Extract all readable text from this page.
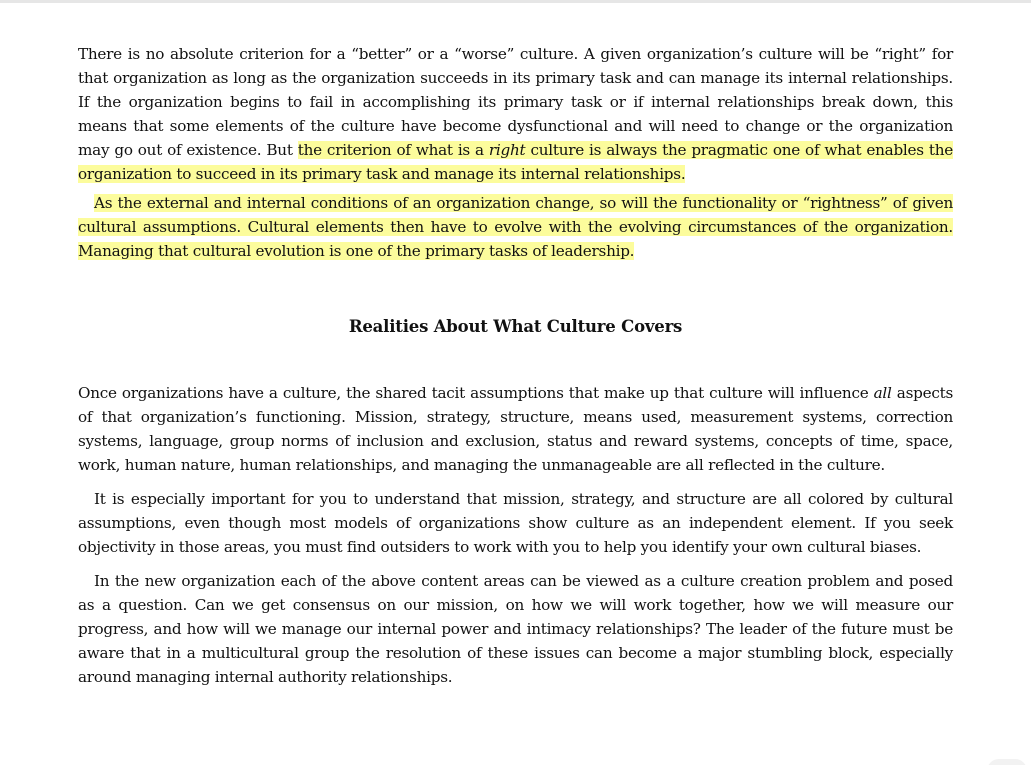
There is no absolute criterion for a “better” or a “worse” culture. A given organization’s culture will be “right” for that organization as long as the organization succeeds in its primary task and can manage its internal relationships. If the organization begins to fail in accomplishing its primary task or if internal relationships break down, this means that some elements of the culture have become dysfunctional and will need to change or the organization may go out of existence. But the criterion of what is a right culture is always the pragmatic one of what enables the organization to succeed in its primary task and manage its internal relationships.

As the external and internal conditions of an organization change, so will the functionality or “rightness” of given cultural assumptions. Cultural elements then have to evolve with the evolving circumstances of the organization. Managing that cultural evolution is one of the primary tasks of leadership.

Realities About What Culture Covers

Once organizations have a culture, the shared tacit assumptions that make up that culture will influence all aspects of that organization’s functioning. Mission, strategy, structure, means used, measurement systems, correction systems, language, group norms of inclusion and exclusion, status and reward systems, concepts of time, space, work, human nature, human relationships, and managing the unmanageable are all reflected in the culture.

It is especially important for you to understand that mission, strategy, and structure are all colored by cultural assumptions, even though most models of organizations show culture as an independent element. If you seek objectivity in those areas, you must find outsiders to work with you to help you identify your own cultural biases.

In the new organization each of the above content areas can be viewed as a culture creation problem and posed as a question. Can we get consensus on our mission, on how we will work together, how we will measure our progress, and how will we manage our internal power and intimacy relationships? The leader of the future must be aware that in a multicultural group the resolution of these issues can become a major stumbling block, especially around managing internal authority relationships.
